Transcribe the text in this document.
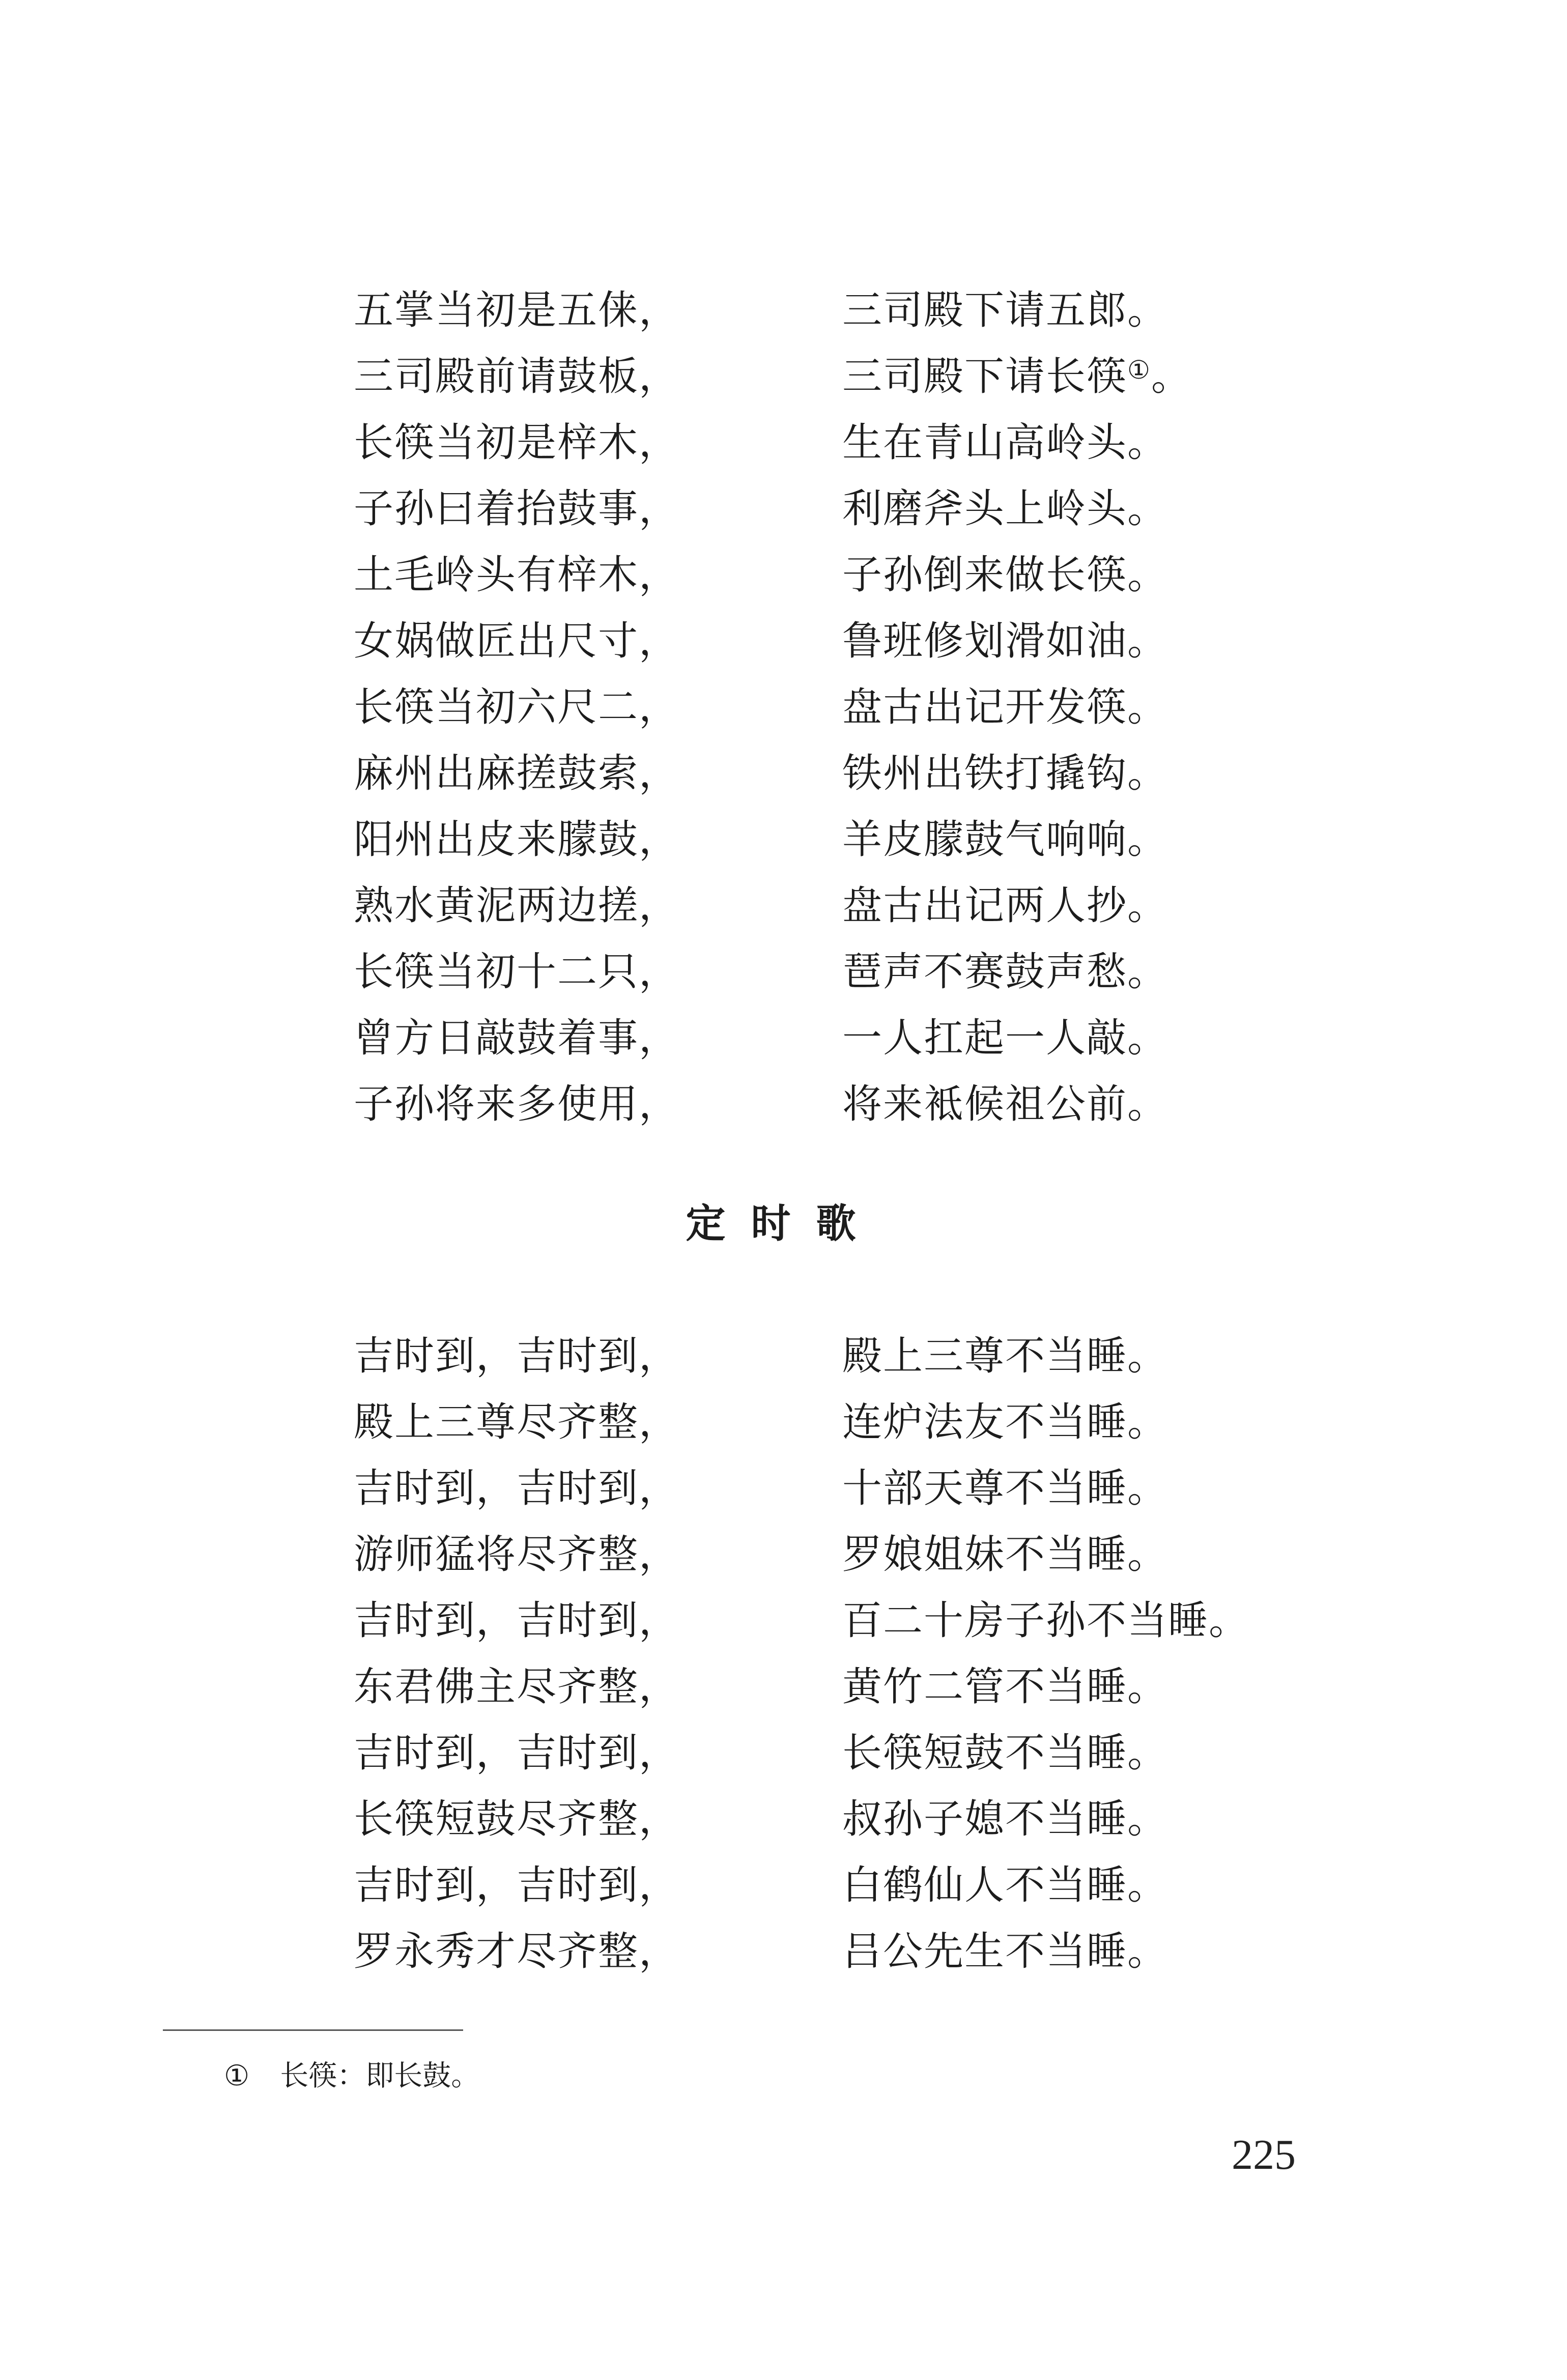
五掌当初是五俫，	三司殿下请五郎。
三司殿前请鼓板，	三司殿下请长筷①。
长筷当初是梓木，	生在青山高岭头。
子孙曰着抬鼓事，	利磨斧头上岭头。
土毛岭头有梓木，	子孙倒来做长筷。
女娲做匠出尺寸，	鲁班修划滑如油。
长筷当初六尺二，	盘古出记开发筷。
麻州出麻搓鼓索，	铁州出铁打撬钩。
阳州出皮来朦鼓，	羊皮朦鼓气响响。
熟水黄泥两边搓，	盘古出记两人抄。
长筷当初十二只，	琶声不赛鼓声愁。
曾方日敲鼓着事，	一人扛起一人敲。
子孙将来多使用，	将来袛候祖公前。
定时歌
吉时到，吉时到，	殿上三尊不当睡。
殿上三尊尽齐整，	连炉法友不当睡。
吉时到，吉时到，	十部天尊不当睡。
游师猛将尽齐整，	罗娘姐妹不当睡。
吉时到，吉时到，	百二十房子孙不当睡。
东君佛主尽齐整，	黄竹二管不当睡。
吉时到，吉时到，	长筷短鼓不当睡。
长筷短鼓尽齐整，	叔孙子媳不当睡。
吉时到，吉时到，	白鹤仙人不当睡。
罗永秀才尽齐整，	吕公先生不当睡。
① 长筷：即长鼓。
225
